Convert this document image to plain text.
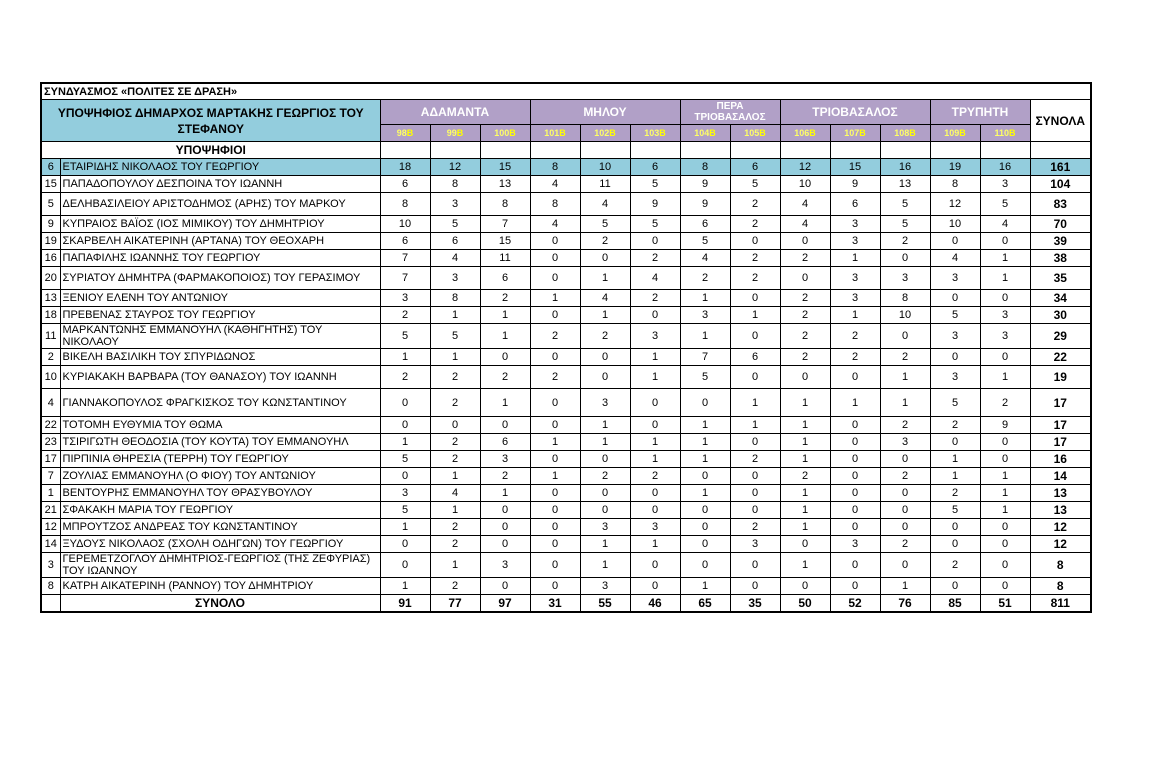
ΣΥΝΔΥΑΣΜΟΣ «ΠΟΛΙΤΕΣ ΣΕ ΔΡΑΣΗ»															
ΥΠΟΨΗΦΙΟΣ ΔΗΜΑΡΧΟΣ ΜΑΡΤΑΚΗΣ ΓΕΩΡΓΙΟΣ ΤΟΥ ΣΤΕΦΑΝΟΥ		ΑΔΑΜΑΝΤΑ			ΜΗΛΟΥ			ΠΕΡΑ ΤΡΙΟΒΑΣΑΛΟΣ		ΤΡΙΟΒΑΣΑΛΟΣ			ΤΡΥΠΗΤΗ		ΣΥΝΟΛΑ
		98Β	99Β	100Β	101Β	102Β	103Β	104Β	105Β	106Β	107Β	108Β	109Β	110Β	
ΥΠΟΨΗΦΙΟΙ															
6	ΕΤΑΙΡΙΔΗΣ ΝΙΚΟΛΑΟΣ ΤΟΥ ΓΕΩΡΓΙΟΥ	18	12	15	8	10	6	8	6	12	15	16	19	16	161
15	ΠΑΠΑΔΟΠΟΥΛΟΥ ΔΕΣΠΟΙΝΑ ΤΟΥ ΙΩΑΝΝΗ	6	8	13	4	11	5	9	5	10	9	13	8	3	104
5	ΔΕΛΗΒΑΣΙΛΕΙΟΥ ΑΡΙΣΤΟΔΗΜΟΣ (ΑΡΗΣ) ΤΟΥ ΜΑΡΚΟΥ	8	3	8	8	4	9	9	2	4	6	5	12	5	83
9	ΚΥΠΡΑΙΟΣ ΒΑΪΟΣ (ΙΟΣ ΜΙΜΙΚΟΥ) ΤΟΥ ΔΗΜΗΤΡΙΟΥ	10	5	7	4	5	5	6	2	4	3	5	10	4	70
19	ΣΚΑΡΒΕΛΗ ΑΙΚΑΤΕΡΙΝΗ (ΑΡΤΑΝΑ) ΤΟΥ ΘΕΟΧΑΡΗ	6	6	15	0	2	0	5	0	0	3	2	0	0	39
16	ΠΑΠΑΦΙΛΗΣ ΙΩΑΝΝΗΣ ΤΟΥ ΓΕΩΡΓΙΟΥ	7	4	11	0	0	2	4	2	2	1	0	4	1	38
20	ΣΥΡΙΑΤΟΥ ΔΗΜΗΤΡΑ (ΦΑΡΜΑΚΟΠΟΙΟΣ) ΤΟΥ ΓΕΡΑΣΙΜΟΥ	7	3	6	0	1	4	2	2	0	3	3	3	1	35
13	ΞΕΝΙΟΥ ΕΛΕΝΗ ΤΟΥ ΑΝΤΩΝΙΟΥ	3	8	2	1	4	2	1	0	2	3	8	0	0	34
18	ΠΡΕΒΕΝΑΣ ΣΤΑΥΡΟΣ ΤΟΥ ΓΕΩΡΓΙΟΥ	2	1	1	0	1	0	3	1	2	1	10	5	3	30
11	ΜΑΡΚΑΝΤΩΝΗΣ ΕΜΜΑΝΟΥΗΛ (ΚΑΘΗΓΗΤΗΣ) ΤΟΥ ΝΙΚΟΛΑΟΥ	5	5	1	2	2	3	1	0	2	2	0	3	3	29
2	ΒΙΚΕΛΗ ΒΑΣΙΛΙΚΗ ΤΟΥ ΣΠΥΡΙΔΩΝΟΣ	1	1	0	0	0	1	7	6	2	2	2	0	0	22
10	ΚΥΡΙΑΚΑΚΗ ΒΑΡΒΑΡΑ (ΤΟΥ ΘΑΝΑΣΟΥ) ΤΟΥ ΙΩΑΝΝΗ	2	2	2	2	0	1	5	0	0	0	1	3	1	19
4	ΓΙΑΝΝΑΚΟΠΟΥΛΟΣ ΦΡΑΓΚΙΣΚΟΣ ΤΟΥ ΚΩΝΣΤΑΝΤΙΝΟΥ	0	2	1	0	3	0	0	1	1	1	1	5	2	17
22	ΤΟΤΟΜΗ ΕΥΘΥΜΙΑ ΤΟΥ ΘΩΜΑ	0	0	0	0	1	0	1	1	1	0	2	2	9	17
23	ΤΣΙΡΙΓΩΤΗ ΘΕΟΔΟΣΙΑ (ΤΟΥ ΚΟΥΤΑ) ΤΟΥ ΕΜΜΑΝΟΥΗΛ	1	2	6	1	1	1	1	0	1	0	3	0	0	17
17	ΠΙΡΠΙΝΙΑ ΘΗΡΕΣΙΑ (ΤΕΡΡΗ) ΤΟΥ ΓΕΩΡΓΙΟΥ	5	2	3	0	0	1	1	2	1	0	0	1	0	16
7	ΖΟΥΛΙΑΣ ΕΜΜΑΝΟΥΗΛ (Ο ΦΙΟΥ) ΤΟΥ ΑΝΤΩΝΙΟΥ	0	1	2	1	2	2	0	0	2	0	2	1	1	14
1	ΒΕΝΤΟΥΡΗΣ ΕΜΜΑΝΟΥΗΛ ΤΟΥ ΘΡΑΣΥΒΟΥΛΟΥ	3	4	1	0	0	0	1	0	1	0	0	2	1	13
21	ΣΦΑΚΑΚΗ ΜΑΡΙΑ ΤΟΥ ΓΕΩΡΓΙΟΥ	5	1	0	0	0	0	0	0	1	0	0	5	1	13
12	ΜΠΡΟΥΤΖΟΣ ΑΝΔΡΕΑΣ ΤΟΥ ΚΩΝΣΤΑΝΤΙΝΟΥ	1	2	0	0	3	3	0	2	1	0	0	0	0	12
14	ΞΥΔΟΥΣ ΝΙΚΟΛΑΟΣ (ΣΧΟΛΗ ΟΔΗΓΩΝ) ΤΟΥ ΓΕΩΡΓΙΟΥ	0	2	0	0	1	1	0	3	0	3	2	0	0	12
3	ΓΕΡΕΜΕΤΖΟΓΛΟΥ ΔΗΜΗΤΡΙΟΣ-ΓΕΩΡΓΙΟΣ (ΤΗΣ ΖΕΦΥΡΙΑΣ) ΤΟΥ ΙΩΑΝΝΟΥ	0	1	3	0	1	0	0	0	1	0	0	2	0	8
8	ΚΑΤΡΗ ΑΙΚΑΤΕΡΙΝΗ (ΡΑΝΝΟΥ) ΤΟΥ ΔΗΜΗΤΡΙΟΥ	1	2	0	0	3	0	1	0	0	0	1	0	0	8
	ΣΥΝΟΛΟ	91	77	97	31	55	46	65	35	50	52	76	85	51	811
